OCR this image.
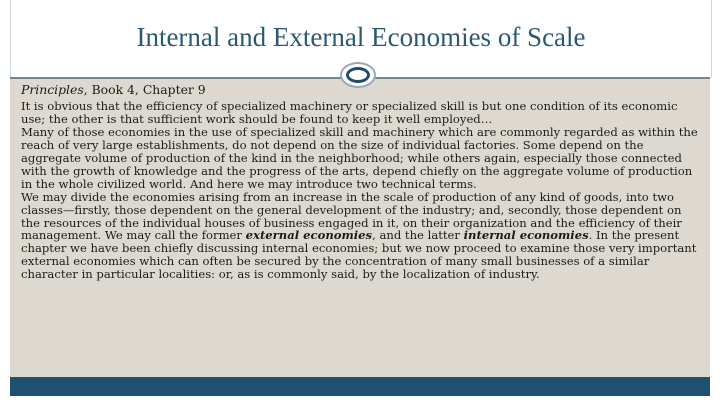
Internal and External Economies of Scale

Principles, Book 4, Chapter 9

It is obvious that the efficiency of specialized machinery or specialized skill is but one condition of its economic use; the other is that sufficient work should be found to keep it well employed…

Many of those economies in the use of specialized skill and machinery which are commonly regarded as within the reach of very large establishments, do not depend on the size of individual factories. Some depend on the aggregate volume of production of the kind in the neighborhood; while others again, especially those connected with the growth of knowledge and the progress of the arts, depend chiefly on the aggregate volume of production in the whole civilized world. And here we may introduce two technical terms.

We may divide the economies arising from an increase in the scale of production of any kind of goods, into two classes—firstly, those dependent on the general development of the industry; and, secondly, those dependent on the resources of the individual houses of business engaged in it, on their organization and the efficiency of their management. We may call the former external economies, and the latter internal economies. In the present chapter we have been chiefly discussing internal economies; but we now proceed to examine those very important external economies which can often be secured by the concentration of many small businesses of a similar character in particular localities: or, as is commonly said, by the localization of industry.
